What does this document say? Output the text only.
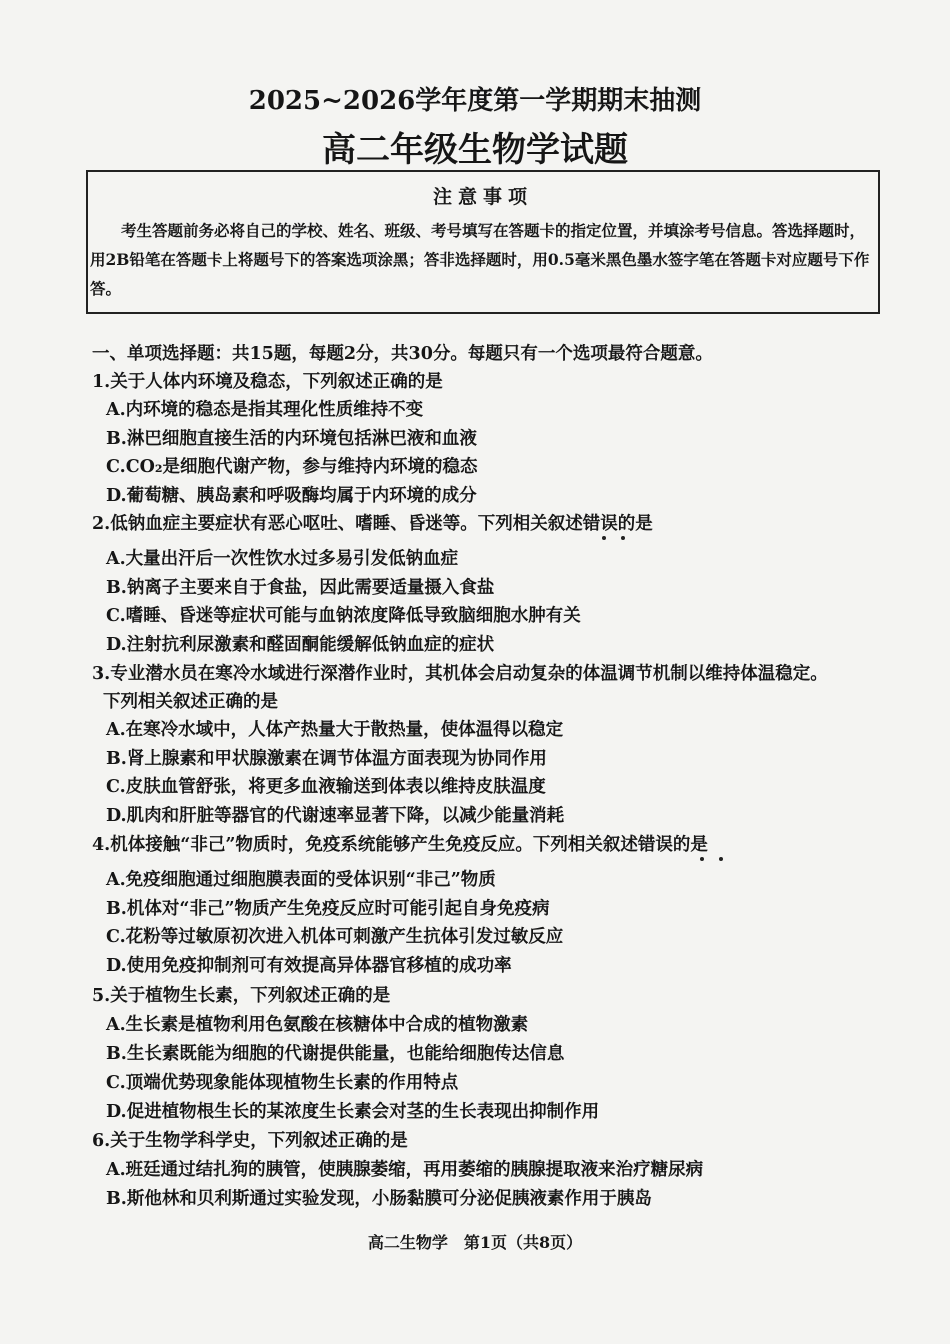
2025~2026学年度第一学期期末抽测
高二年级生物学试题
注意事项
考生答题前务必将自己的学校、姓名、班级、考号填写在答题卡的指定位置，并填涂考号信息。答选择题时，用2B铅笔在答题卡上将题号下的答案选项涂黑；答非选择题时，用0.5毫米黑色墨水签字笔在答题卡对应题号下作答。
一、单项选择题：共15题，每题2分，共30分。每题只有一个选项最符合题意。
1.关于人体内环境及稳态，下列叙述正确的是
A.内环境的稳态是指其理化性质维持不变
B.淋巴细胞直接生活的内环境包括淋巴液和血液
C.CO₂是细胞代谢产物，参与维持内环境的稳态
D.葡萄糖、胰岛素和呼吸酶均属于内环境的成分
2.低钠血症主要症状有恶心呕吐、嗜睡、昏迷等。下列相关叙述错误的是
A.大量出汗后一次性饮水过多易引发低钠血症
B.钠离子主要来自于食盐，因此需要适量摄入食盐
C.嗜睡、昏迷等症状可能与血钠浓度降低导致脑细胞水肿有关
D.注射抗利尿激素和醛固酮能缓解低钠血症的症状
3.专业潜水员在寒冷水域进行深潜作业时，其机体会启动复杂的体温调节机制以维持体温稳定。
下列相关叙述正确的是
A.在寒冷水域中，人体产热量大于散热量，使体温得以稳定
B.肾上腺素和甲状腺激素在调节体温方面表现为协同作用
C.皮肤血管舒张，将更多血液输送到体表以维持皮肤温度
D.肌肉和肝脏等器官的代谢速率显著下降，以减少能量消耗
4.机体接触“非己”物质时，免疫系统能够产生免疫反应。下列相关叙述错误的是
A.免疫细胞通过细胞膜表面的受体识别“非己”物质
B.机体对“非己”物质产生免疫反应时可能引起自身免疫病
C.花粉等过敏原初次进入机体可刺激产生抗体引发过敏反应
D.使用免疫抑制剂可有效提高异体器官移植的成功率
5.关于植物生长素，下列叙述正确的是
A.生长素是植物利用色氨酸在核糖体中合成的植物激素
B.生长素既能为细胞的代谢提供能量，也能给细胞传达信息
C.顶端优势现象能体现植物生长素的作用特点
D.促进植物根生长的某浓度生长素会对茎的生长表现出抑制作用
6.关于生物学科学史，下列叙述正确的是
A.班廷通过结扎狗的胰管，使胰腺萎缩，再用萎缩的胰腺提取液来治疗糖尿病
B.斯他林和贝利斯通过实验发现，小肠黏膜可分泌促胰液素作用于胰岛
高二生物学　第1页（共8页）
